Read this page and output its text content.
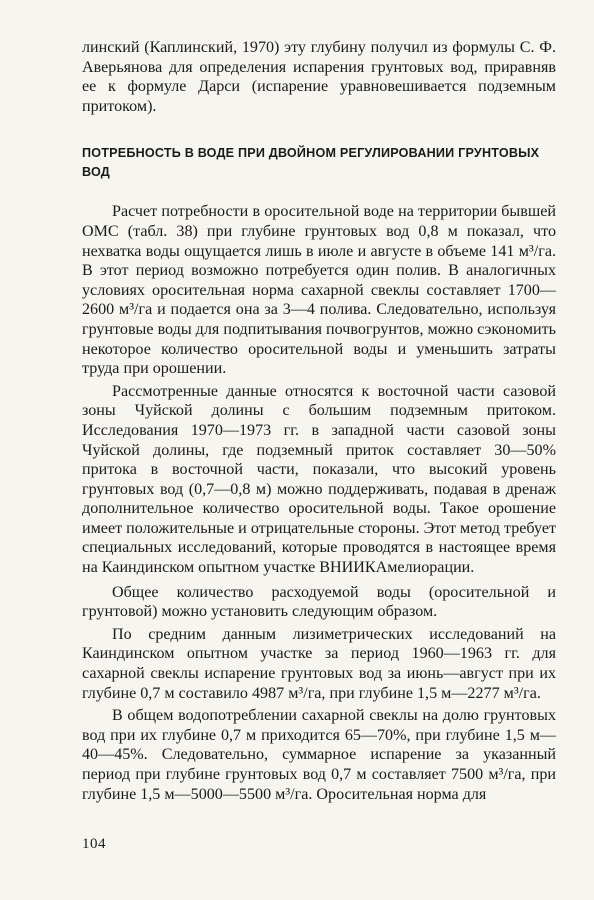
линский (Каплинский, 1970) эту глубину получил из формулы С. Ф. Аверьянова для определения испарения грунтовых вод, приравняв ее к формуле Дарси (испарение уравновешивается подземным притоком).

ПОТРЕБНОСТЬ В ВОДЕ ПРИ ДВОЙНОМ РЕГУЛИРОВАНИИ ГРУНТОВЫХ ВОД

Расчет потребности в оросительной воде на территории бывшей ОМС (табл. 38) при глубине грунтовых вод 0,8 м показал, что нехватка воды ощущается лишь в июле и августе в объеме 141 м³/га. В этот период возможно потребуется один полив. В аналогичных условиях оросительная норма сахарной свеклы составляет 1700—2600 м³/га и подается она за 3—4 полива. Следовательно, используя грунтовые воды для подпитывания почвогрунтов, можно сэкономить некоторое количество оросительной воды и уменьшить затраты труда при орошении.

Рассмотренные данные относятся к восточной части сазовой зоны Чуйской долины с большим подземным притоком. Исследования 1970—1973 гг. в западной части сазовой зоны Чуйской долины, где подземный приток составляет 30—50% притока в восточной части, показали, что высокий уровень грунтовых вод (0,7—0,8 м) можно поддерживать, подавая в дренаж дополнительное количество оросительной воды. Такое орошение имеет положительные и отрицательные стороны. Этот метод требует специальных исследований, которые проводятся в настоящее время на Каиндинском опытном участке ВНИИКАмелиорации.

Общее количество расходуемой воды (оросительной и грунтовой) можно установить следующим образом.

По средним данным лизиметрических исследований на Каиндинском опытном участке за период 1960—1963 гг. для сахарной свеклы испарение грунтовых вод за июнь—август при их глубине 0,7 м составило 4987 м³/га, при глубине 1,5 м—2277 м³/га.

В общем водопотреблении сахарной свеклы на долю грунтовых вод при их глубине 0,7 м приходится 65—70%, при глубине 1,5 м—40—45%. Следовательно, суммарное испарение за указанный период при глубине грунтовых вод 0,7 м составляет 7500 м³/га, при глубине 1,5 м—5000—5500 м³/га. Оросительная норма для

104
